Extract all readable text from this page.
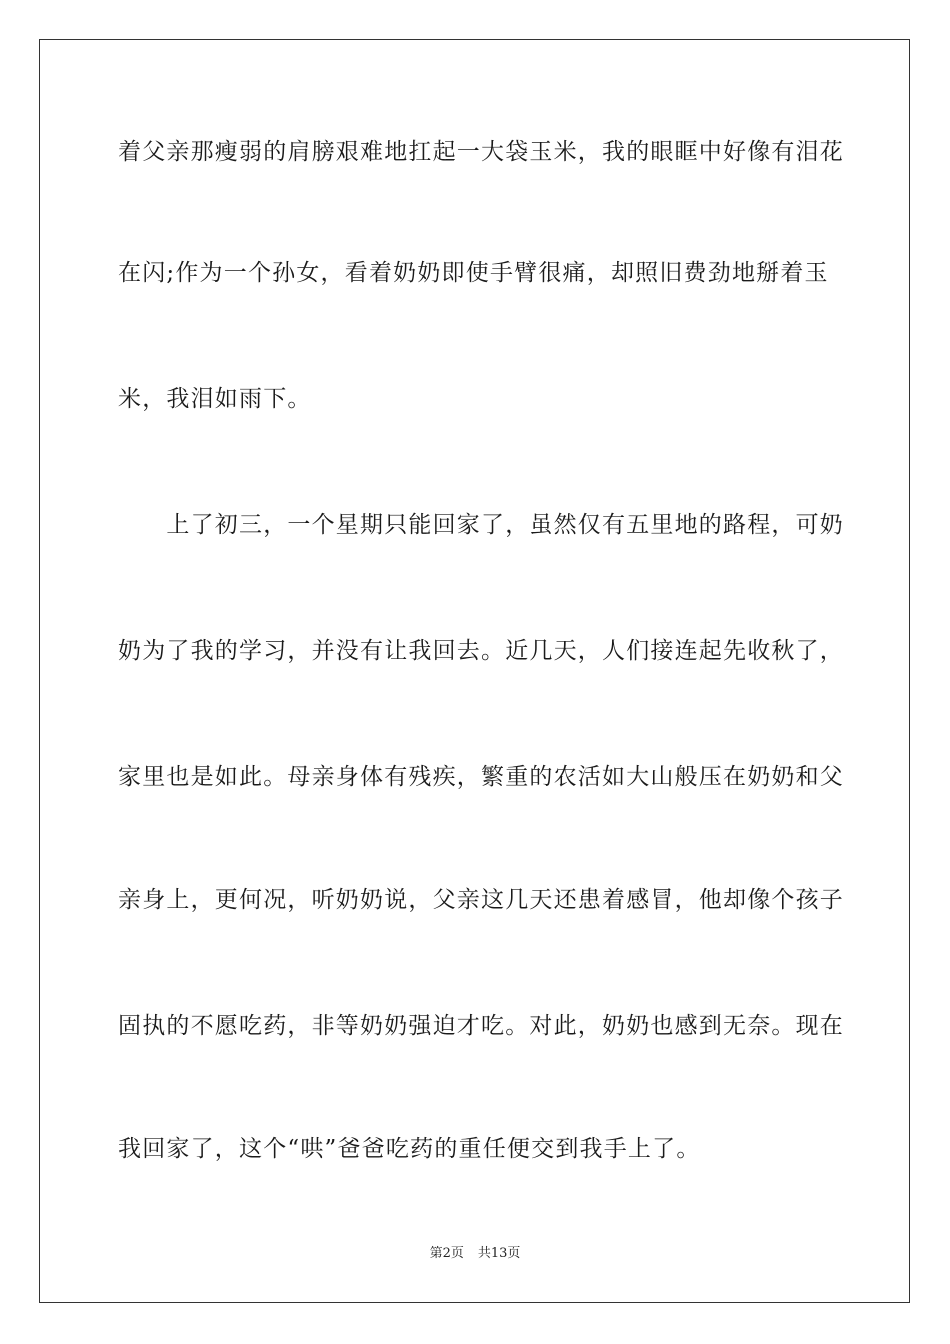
着父亲那瘦弱的肩膀艰难地扛起一大袋玉米，我的眼眶中好像有泪花
在闪;作为一个孙女，看着奶奶即使手臂很痛，却照旧费劲地掰着玉
米，我泪如雨下。
　　上了初三，一个星期只能回家了，虽然仅有五里地的路程，可奶
奶为了我的学习，并没有让我回去。近几天，人们接连起先收秋了，
家里也是如此。母亲身体有残疾，繁重的农活如大山般压在奶奶和父
亲身上，更何况，听奶奶说，父亲这几天还患着感冒，他却像个孩子
固执的不愿吃药，非等奶奶强迫才吃。对此，奶奶也感到无奈。现在
我回家了，这个“哄”爸爸吃药的重任便交到我手上了。
第2页 共13页
